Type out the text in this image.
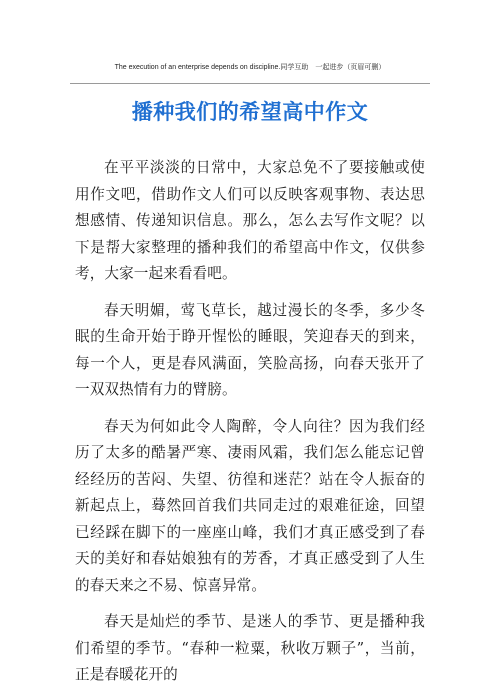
The execution of an enterprise depends on discipline.同学互助　一起进步（页眉可删）
播种我们的希望高中作文

在平平淡淡的日常中，大家总免不了要接触或使用作文吧，借助作文人们可以反映客观事物、表达思想感情、传递知识信息。那么，怎么去写作文呢？以下是帮大家整理的播种我们的希望高中作文，仅供参考，大家一起来看看吧。

春天明媚，莺飞草长，越过漫长的冬季，多少冬眠的生命开始于睁开惺忪的睡眼，笑迎春天的到来，每一个人，更是春风满面，笑脸高扬，向春天张开了一双双热情有力的臂膀。

春天为何如此令人陶醉，令人向往？因为我们经历了太多的酷暑严寒、凄雨风霜，我们怎么能忘记曾经经历的苦闷、失望、彷徨和迷茫？站在令人振奋的新起点上，蓦然回首我们共同走过的艰难征途，回望已经踩在脚下的一座座山峰，我们才真正感受到了春天的美好和春姑娘独有的芳香，才真正感受到了人生的春天来之不易、惊喜异常。

春天是灿烂的季节、是迷人的季节、更是播种我们希望的季节。“春种一粒粟，秋收万颗子”，当前，正是春暖花开的
